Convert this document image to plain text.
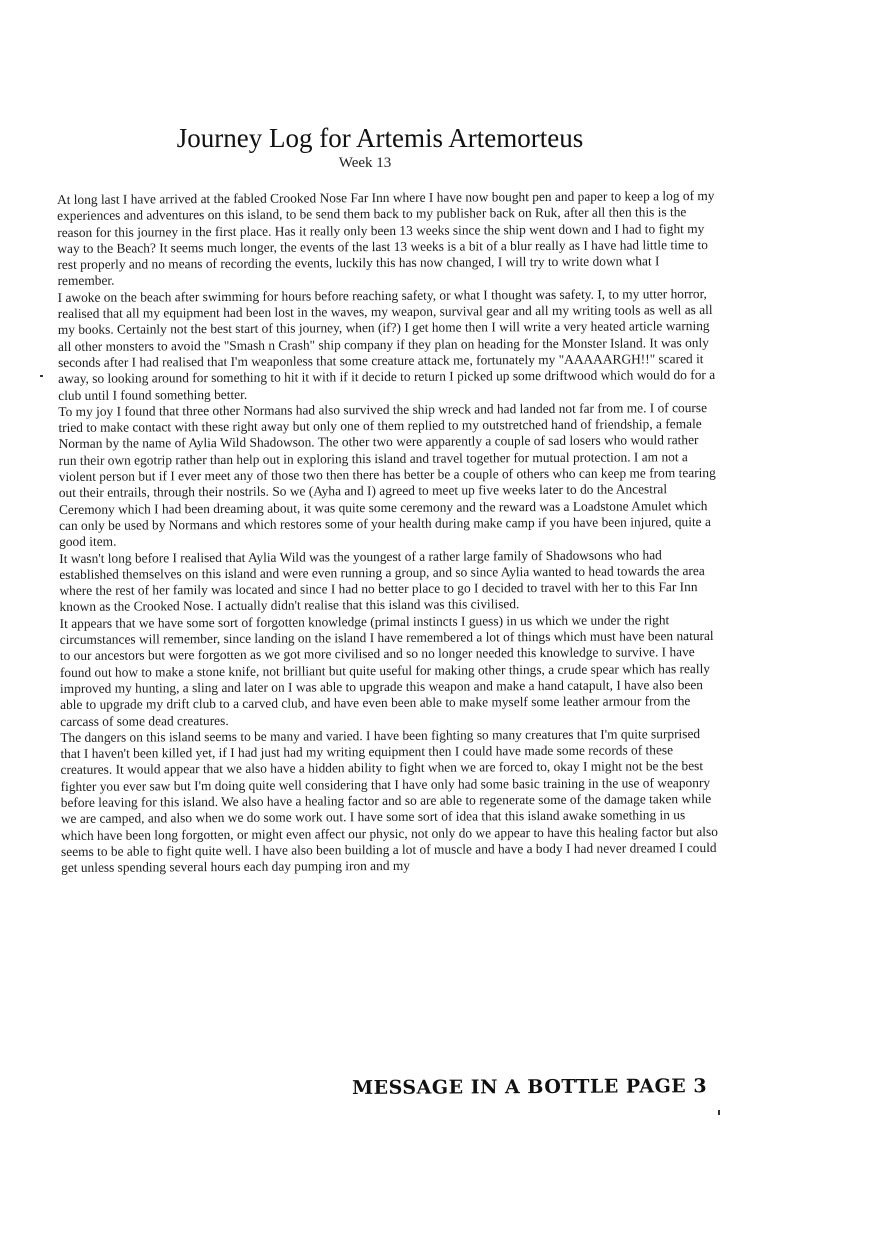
Journey Log for Artemis Artemorteus
Week 13

At long last I have arrived at the fabled Crooked Nose Far Inn where I have now bought pen and paper to keep a log of my experiences and adventures on this island, to be send them back to my publisher back on Ruk, after all then this is the reason for this journey in the first place. Has it really only been 13 weeks since the ship went down and I had to fight my way to the Beach? It seems much longer, the events of the last 13 weeks is a bit of a blur really as I have had little time to rest properly and no means of recording the events, luckily this has now changed, I will try to write down what I remember.

I awoke on the beach after swimming for hours before reaching safety, or what I thought was safety. I, to my utter horror, realised that all my equipment had been lost in the waves, my weapon, survival gear and all my writing tools as well as all my books. Certainly not the best start of this journey, when (if?) I get home then I will write a very heated article warning all other monsters to avoid the "Smash n Crash" ship company if they plan on heading for the Monster Island. It was only seconds after I had realised that I'm weaponless that some creature attack me, fortunately my "AAAAARGH!!" scared it away, so looking around for something to hit it with if it decide to return I picked up some driftwood which would do for a club until I found something better.

To my joy I found that three other Normans had also survived the ship wreck and had landed not far from me. I of course tried to make contact with these right away but only one of them replied to my outstretched hand of friendship, a female Norman by the name of Aylia Wild Shadowson. The other two were apparently a couple of sad losers who would rather run their own egotrip rather than help out in exploring this island and travel together for mutual protection. I am not a violent person but if I ever meet any of those two then there has better be a couple of others who can keep me from tearing out their entrails, through their nostrils. So we (Ayha and I) agreed to meet up five weeks later to do the Ancestral Ceremony which I had been dreaming about, it was quite some ceremony and the reward was a Loadstone Amulet which can only be used by Normans and which restores some of your health during make camp if you have been injured, quite a good item.

It wasn't long before I realised that Aylia Wild was the youngest of a rather large family of Shadowsons who had established themselves on this island and were even running a group, and so since Aylia wanted to head towards the area where the rest of her family was located and since I had no better place to go I decided to travel with her to this Far Inn known as the Crooked Nose. I actually didn't realise that this island was this civilised.

It appears that we have some sort of forgotten knowledge (primal instincts I guess) in us which we under the right circumstances will remember, since landing on the island I have remembered a lot of things which must have been natural to our ancestors but were forgotten as we got more civilised and so no longer needed this knowledge to survive. I have found out how to make a stone knife, not brilliant but quite useful for making other things, a crude spear which has really improved my hunting, a sling and later on I was able to upgrade this weapon and make a hand catapult, I have also been able to upgrade my drift club to a carved club, and have even been able to make myself some leather armour from the carcass of some dead creatures.

The dangers on this island seems to be many and varied. I have been fighting so many creatures that I'm quite surprised that I haven't been killed yet, if I had just had my writing equipment then I could have made some records of these creatures. It would appear that we also have a hidden ability to fight when we are forced to, okay I might not be the best fighter you ever saw but I'm doing quite well considering that I have only had some basic training in the use of weaponry before leaving for this island. We also have a healing factor and so are able to regenerate some of the damage taken while we are camped, and also when we do some work out. I have some sort of idea that this island awake something in us which have been long forgotten, or might even affect our physic, not only do we appear to have this healing factor but also seems to be able to fight quite well. I have also been building a lot of muscle and have a body I had never dreamed I could get unless spending several hours each day pumping iron and my

MESSAGE IN A BOTTLE PAGE 3
